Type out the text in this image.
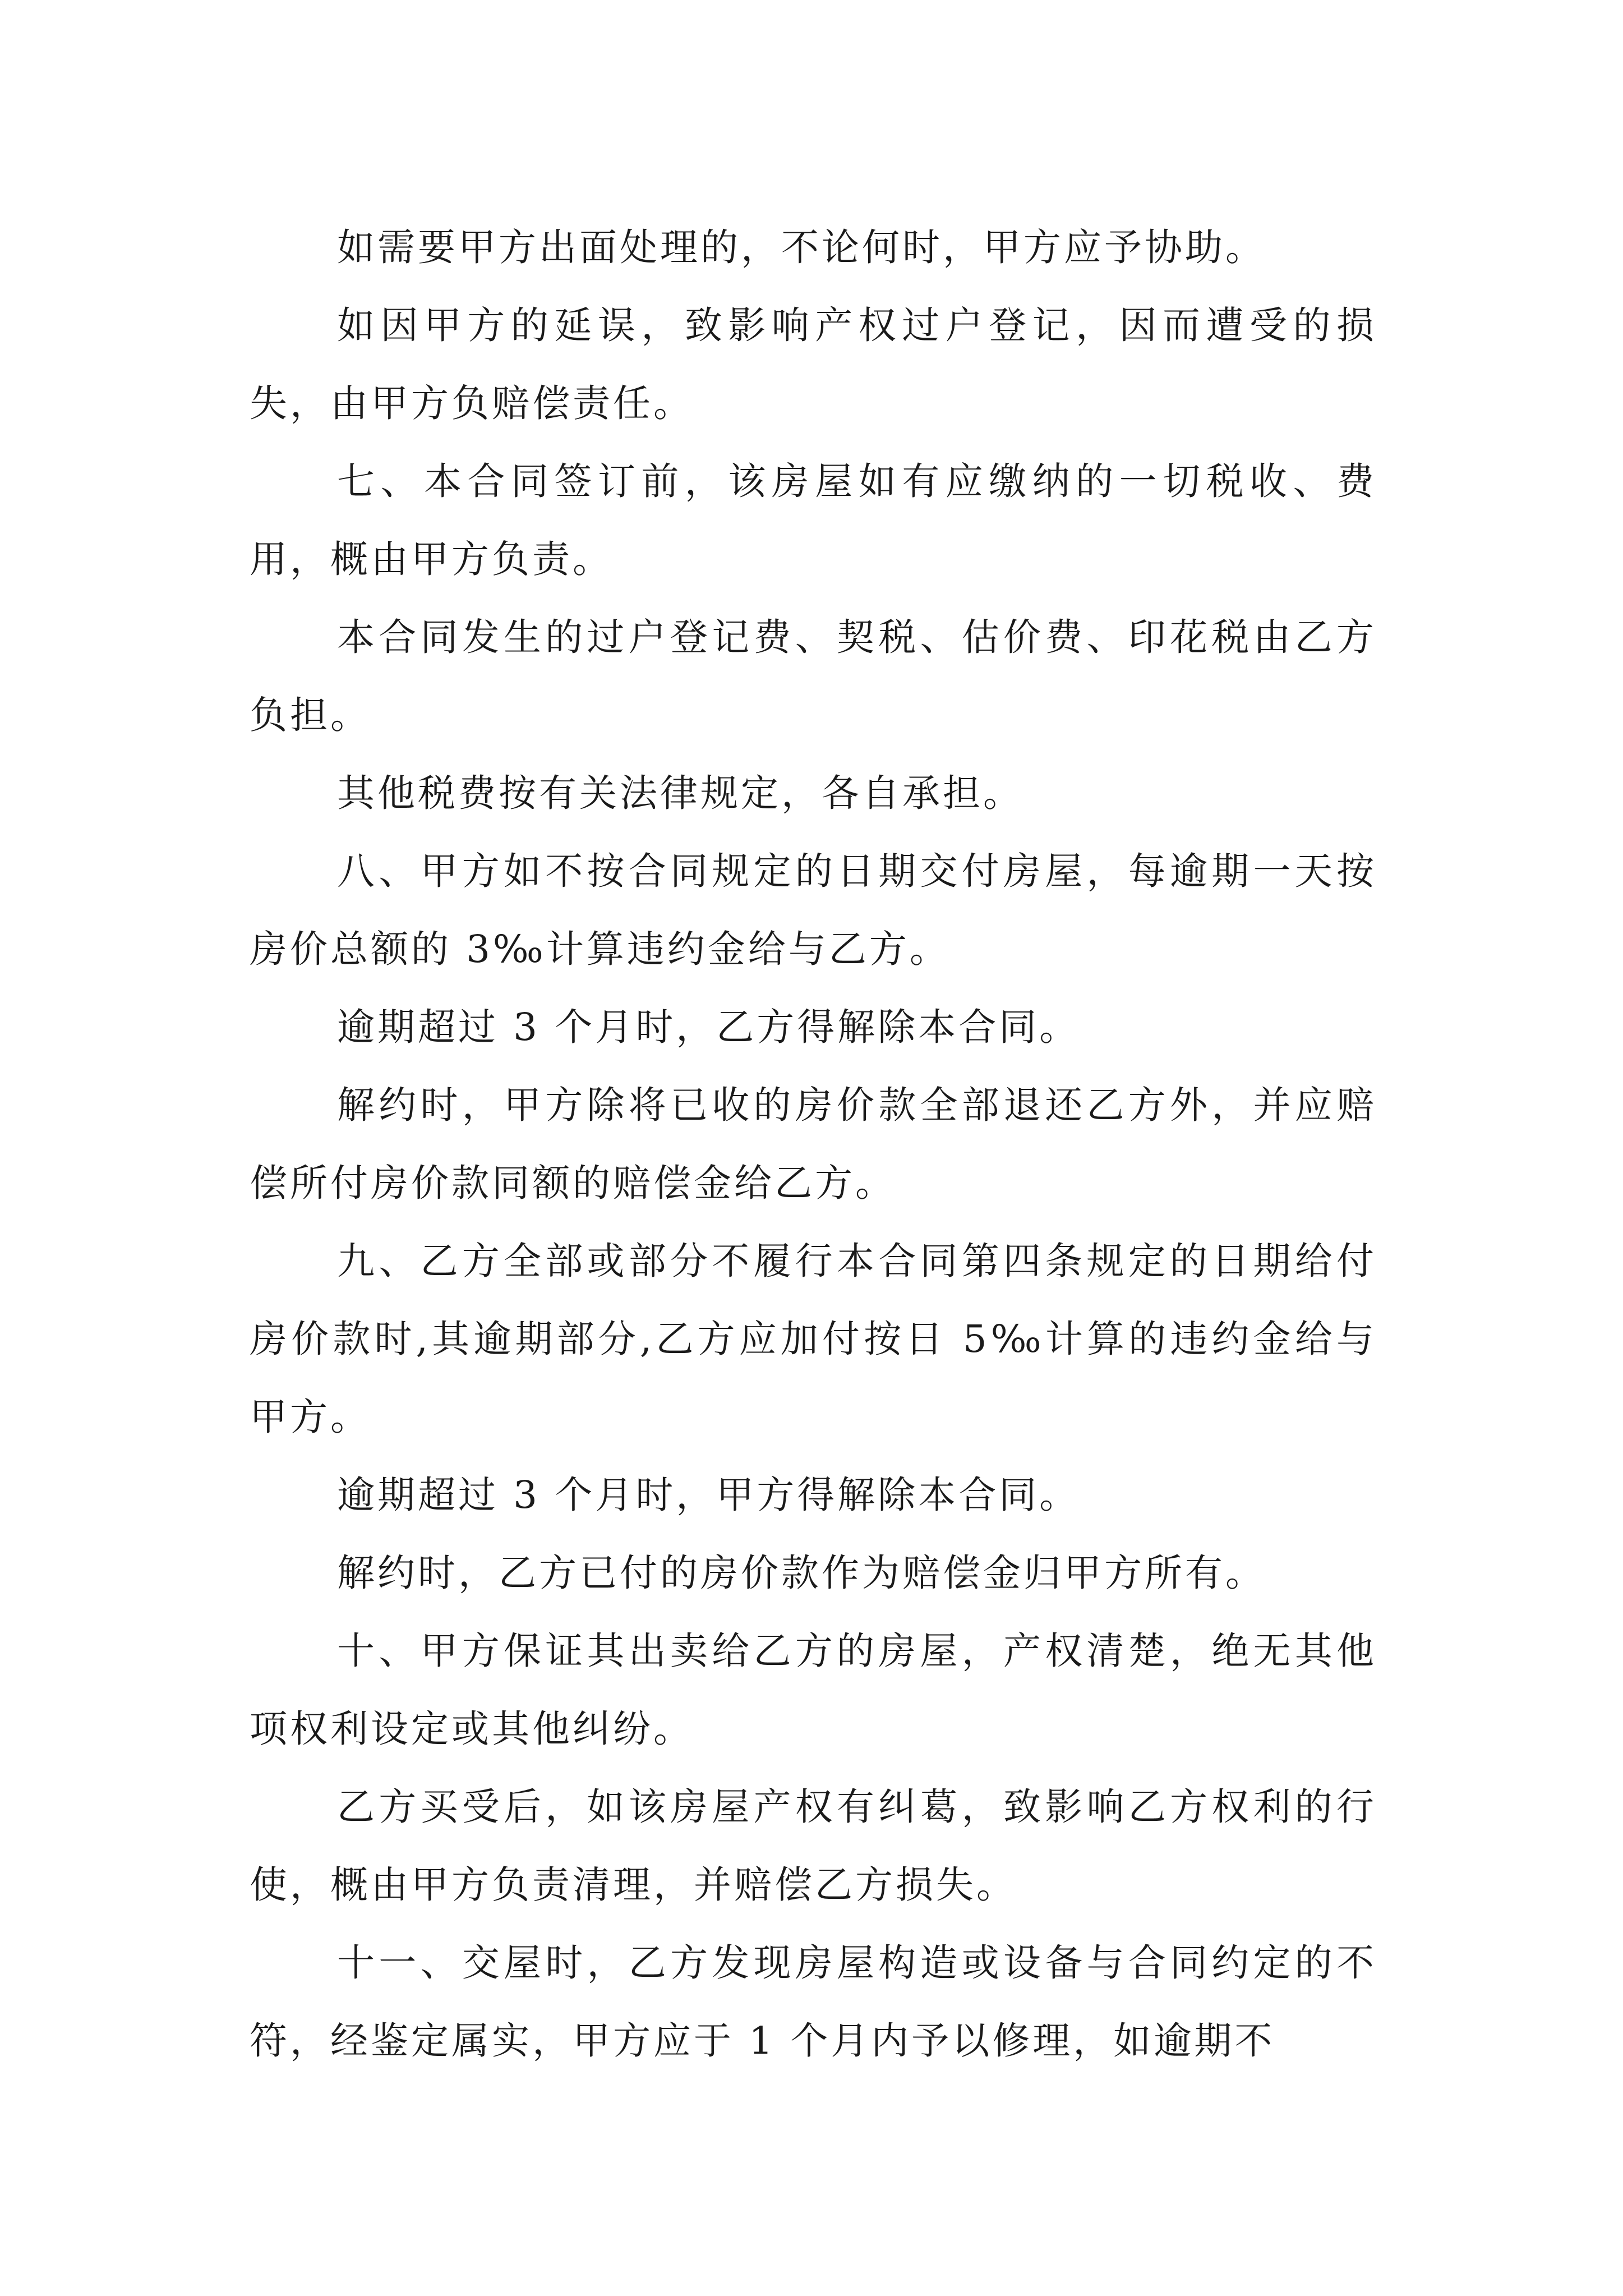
如需要甲方出面处理的，不论何时，甲方应予协助。

如因甲方的延误，致影响产权过户登记，因而遭受的损失，由甲方负赔偿责任。

七、本合同签订前，该房屋如有应缴纳的一切税收、费用，概由甲方负责。

本合同发生的过户登记费、契税、估价费、印花税由乙方负担。

其他税费按有关法律规定，各自承担。

八、甲方如不按合同规定的日期交付房屋，每逾期一天按房价总额的 3‰计算违约金给与乙方。

逾期超过 3 个月时，乙方得解除本合同。

解约时，甲方除将已收的房价款全部退还乙方外，并应赔偿所付房价款同额的赔偿金给乙方。

九、乙方全部或部分不履行本合同第四条规定的日期给付房价款时,其逾期部分,乙方应加付按日 5‰计算的违约金给与甲方。

逾期超过 3 个月时，甲方得解除本合同。

解约时，乙方已付的房价款作为赔偿金归甲方所有。

十、甲方保证其出卖给乙方的房屋，产权清楚，绝无其他项权利设定或其他纠纷。

乙方买受后，如该房屋产权有纠葛，致影响乙方权利的行使，概由甲方负责清理，并赔偿乙方损失。

十一、交屋时，乙方发现房屋构造或设备与合同约定的不符，经鉴定属实，甲方应于 1 个月内予以修理，如逾期不
